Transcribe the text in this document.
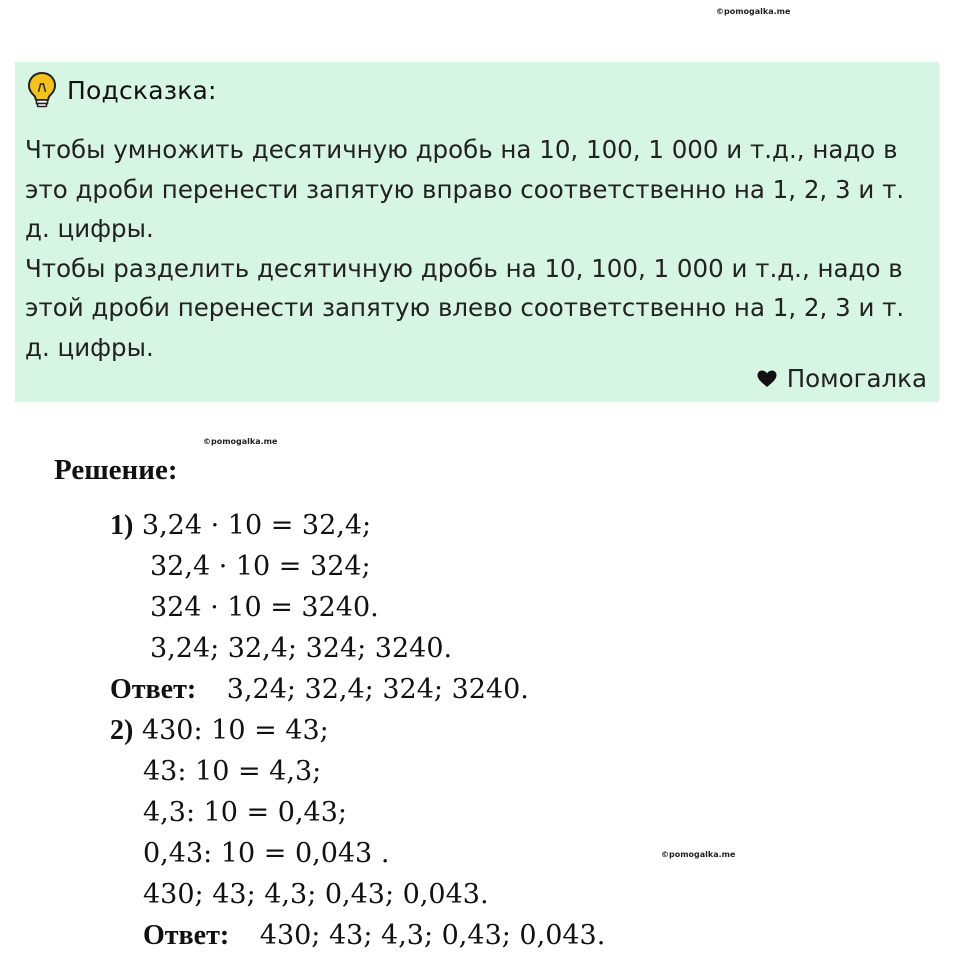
©pomogalka.me
Подсказка:

Чтобы умножить десятичную дробь на 10, 100, 1 000 и т.д., надо в это дроби перенести запятую вправо соответственно на 1, 2, 3 и т. д. цифры.

Чтобы разделить десятичную дробь на 10, 100, 1 000 и т.д., надо в этой дроби перенести запятую влево соответственно на 1, 2, 3 и т. д. цифры.

Помогалка
©pomogalka.me
Решение:
1) 3,24 · 10 = 32,4;
32,4 · 10 = 324;
324 · 10 = 3240.
3,24; 32,4; 324; 3240.
Ответ: 3,24; 32,4; 324; 3240.
2) 430: 10 = 43;
43: 10 = 4,3;
4,3: 10 = 0,43;
0,43: 10 = 0,043 .
430; 43; 4,3; 0,43; 0,043.
Ответ: 430; 43; 4,3; 0,43; 0,043.
©pomogalka.me
